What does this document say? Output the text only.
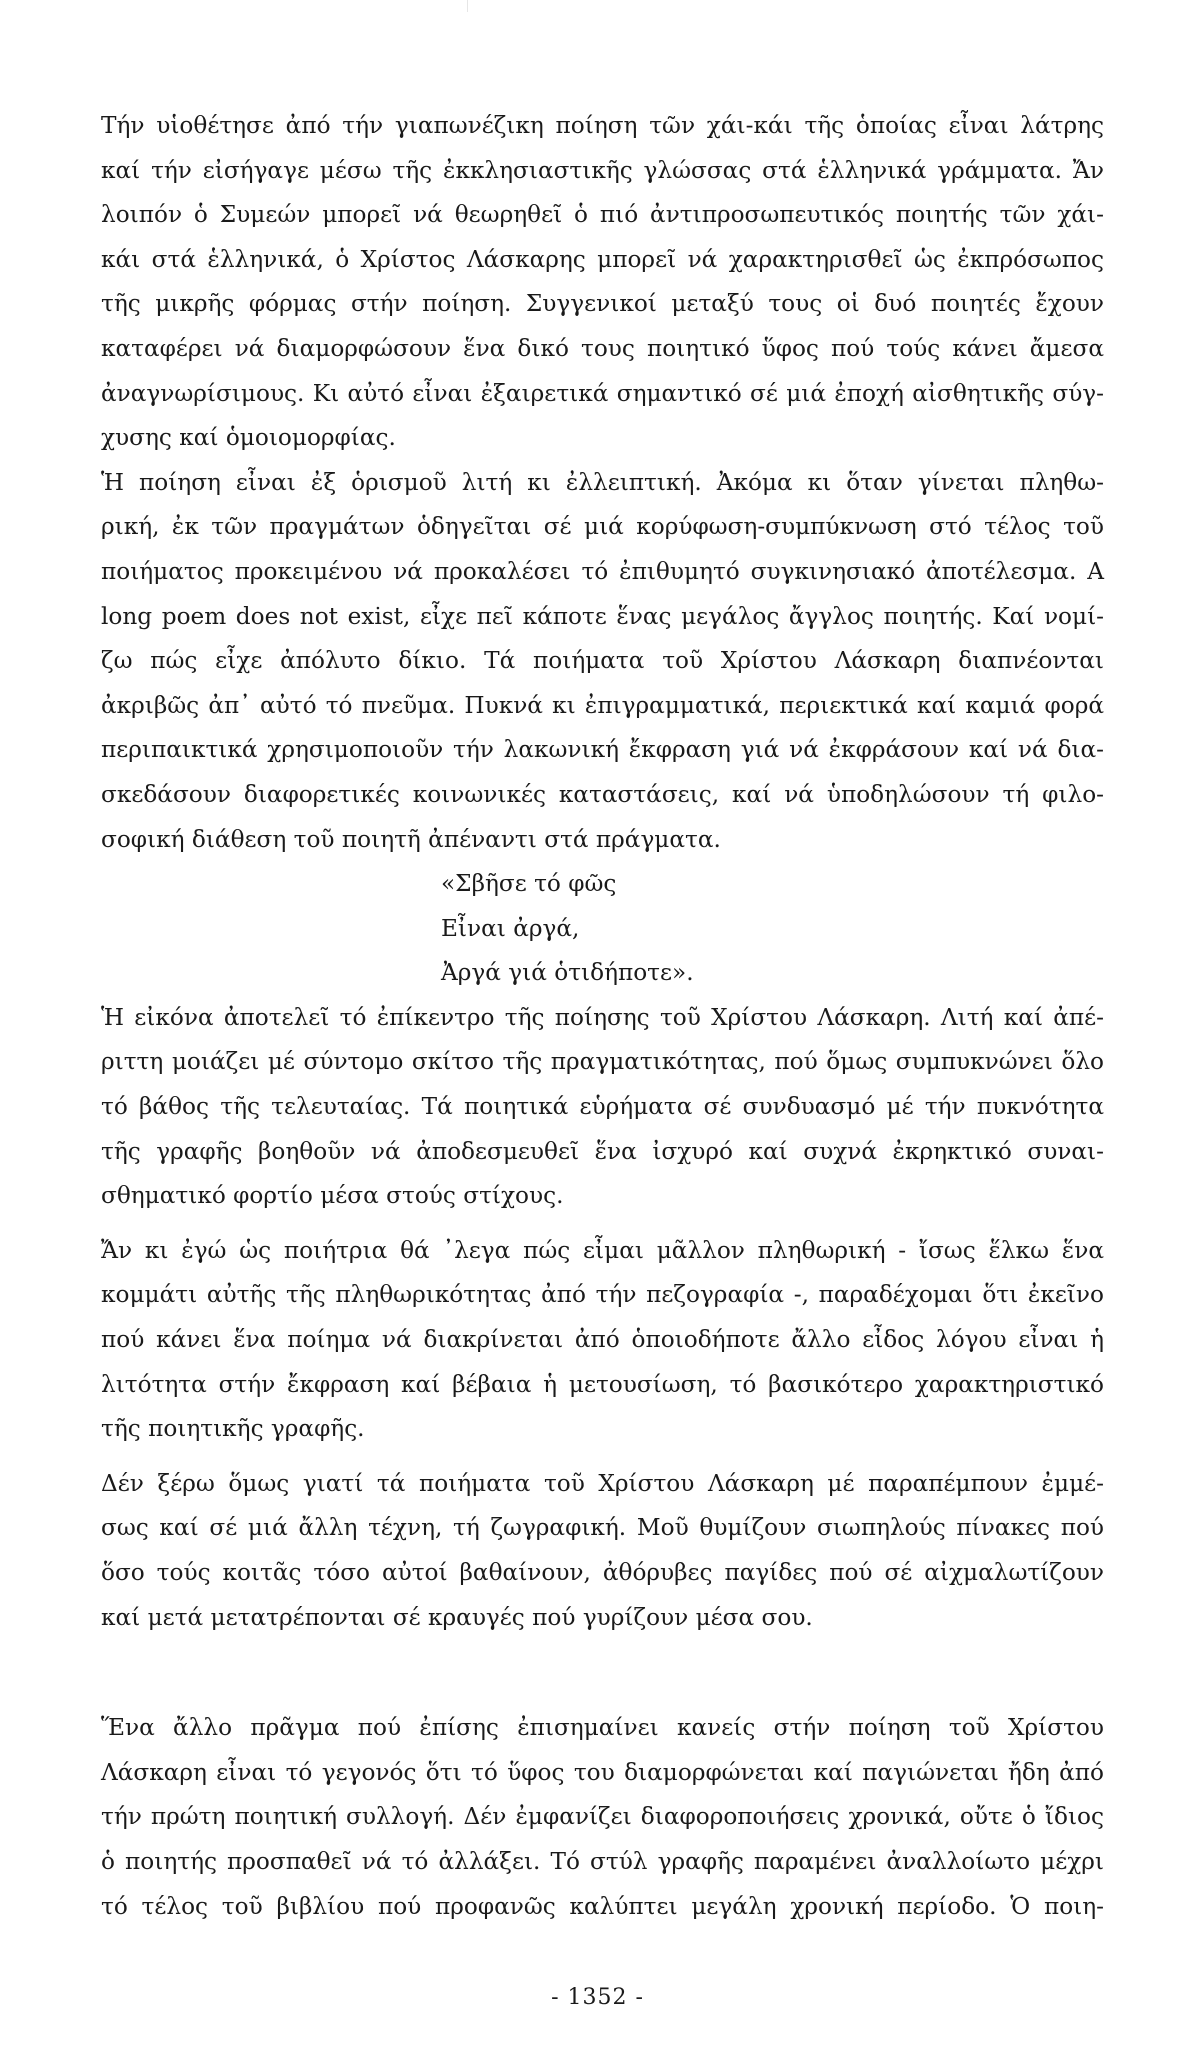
Τήν υἱοθέτησε ἀπό τήν γιαπωνέζικη ποίηση τῶν χάι-κάι τῆς ὁποίας εἶναι λάτρης
καί τήν εἰσήγαγε μέσω τῆς ἐκκλησιαστικῆς γλώσσας στά ἑλληνικά γράμματα. Ἄν
λοιπόν ὁ Συμεών μπορεῖ νά θεωρηθεῖ ὁ πιό ἀντιπροσωπευτικός ποιητής τῶν χάι-
κάι στά ἑλληνικά, ὁ Χρίστος Λάσκαρης μπορεῖ νά χαρακτηρισθεῖ ὡς ἐκπρόσωπος
τῆς μικρῆς φόρμας στήν ποίηση. Συγγενικοί μεταξύ τους οἱ δυό ποιητές ἔχουν
καταφέρει νά διαμορφώσουν ἕνα δικό τους ποιητικό ὕφος πού τούς κάνει ἄμεσα
ἀναγνωρίσιμους. Κι αὐτό εἶναι ἐξαιρετικά σημαντικό σέ μιά ἐποχή αἰσθητικῆς σύγ-
χυσης καί ὁμοιομορφίας.
Ἡ ποίηση εἶναι ἐξ ὁρισμοῦ λιτή κι ἐλλειπτική. Ἀκόμα κι ὅταν γίνεται πληθω-
ρική, ἐκ τῶν πραγμάτων ὁδηγεῖται σέ μιά κορύφωση-συμπύκνωση στό τέλος τοῦ
ποιήματος προκειμένου νά προκαλέσει τό ἐπιθυμητό συγκινησιακό ἀποτέλεσμα. A
long poem does not exist, εἶχε πεῖ κάποτε ἕνας μεγάλος ἄγγλος ποιητής. Καί νομί-
ζω πώς εἶχε ἀπόλυτο δίκιο. Τά ποιήματα τοῦ Χρίστου Λάσκαρη διαπνέονται
ἀκριβῶς ἀπ᾽ αὐτό τό πνεῦμα. Πυκνά κι ἐπιγραμματικά, περιεκτικά καί καμιά φορά
περιπαικτικά χρησιμοποιοῦν τήν λακωνική ἔκφραση γιά νά ἐκφράσουν καί νά δια-
σκεδάσουν διαφορετικές κοινωνικές καταστάσεις, καί νά ὑποδηλώσουν τή φιλο-
σοφική διάθεση τοῦ ποιητῆ ἀπέναντι στά πράγματα.
«Σβῆσε τό φῶς
Εἶναι ἀργά,
Ἀργά γιά ὁτιδήποτε».
Ἡ εἰκόνα ἀποτελεῖ τό ἐπίκεντρο τῆς ποίησης τοῦ Χρίστου Λάσκαρη. Λιτή καί ἀπέ-
ριττη μοιάζει μέ σύντομο σκίτσο τῆς πραγματικότητας, πού ὅμως συμπυκνώνει ὅλο
τό βάθος τῆς τελευταίας. Τά ποιητικά εὑρήματα σέ συνδυασμό μέ τήν πυκνότητα
τῆς γραφῆς βοηθοῦν νά ἀποδεσμευθεῖ ἕνα ἰσχυρό καί συχνά ἐκρηκτικό συναι-
σθηματικό φορτίο μέσα στούς στίχους.
Ἄν κι ἐγώ ὡς ποιήτρια θά ᾽λεγα πώς εἶμαι μᾶλλον πληθωρική - ἴσως ἕλκω ἕνα
κομμάτι αὐτῆς τῆς πληθωρικότητας ἀπό τήν πεζογραφία -, παραδέχομαι ὅτι ἐκεῖνο
πού κάνει ἕνα ποίημα νά διακρίνεται ἀπό ὁποιοδήποτε ἄλλο εἶδος λόγου εἶναι ἡ
λιτότητα στήν ἔκφραση καί βέβαια ἡ μετουσίωση, τό βασικότερο χαρακτηριστικό
τῆς ποιητικῆς γραφῆς.
Δέν ξέρω ὅμως γιατί τά ποιήματα τοῦ Χρίστου Λάσκαρη μέ παραπέμπουν ἐμμέ-
σως καί σέ μιά ἄλλη τέχνη, τή ζωγραφική. Μοῦ θυμίζουν σιωπηλούς πίνακες πού
ὅσο τούς κοιτᾶς τόσο αὐτοί βαθαίνουν, ἀθόρυβες παγίδες πού σέ αἰχμαλωτίζουν
καί μετά μετατρέπονται σέ κραυγές πού γυρίζουν μέσα σου.
Ἕνα ἄλλο πρᾶγμα πού ἐπίσης ἐπισημαίνει κανείς στήν ποίηση τοῦ Χρίστου
Λάσκαρη εἶναι τό γεγονός ὅτι τό ὕφος του διαμορφώνεται καί παγιώνεται ἤδη ἀπό
τήν πρώτη ποιητική συλλογή. Δέν ἐμφανίζει διαφοροποιήσεις χρονικά, οὔτε ὁ ἴδιος
ὁ ποιητής προσπαθεῖ νά τό ἀλλάξει. Τό στύλ γραφῆς παραμένει ἀναλλοίωτο μέχρι
τό τέλος τοῦ βιβλίου πού προφανῶς καλύπτει μεγάλη χρονική περίοδο. Ὁ ποιη-
- 1352 -
